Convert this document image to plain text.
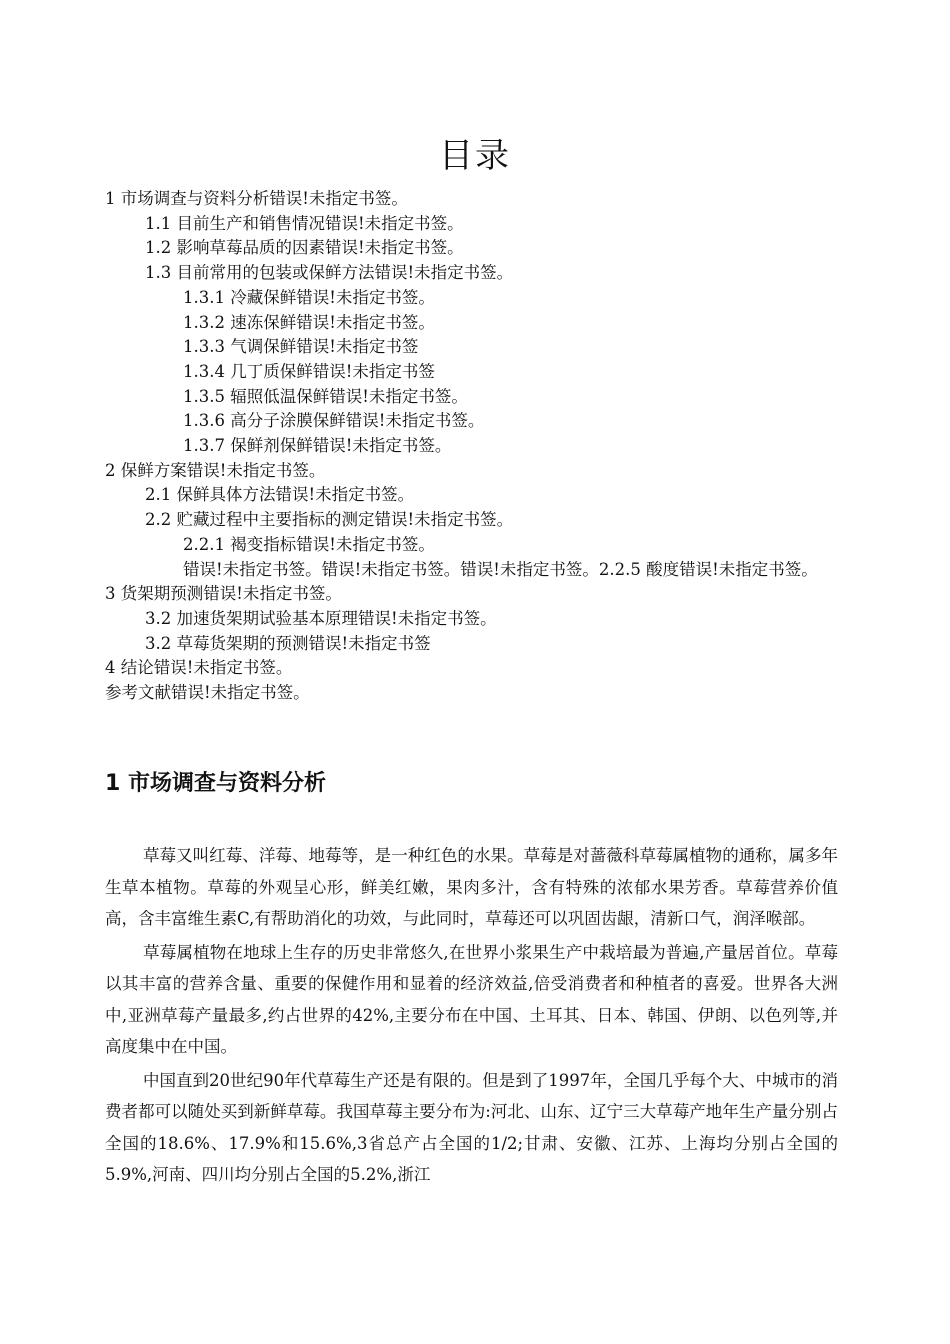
目录
1 市场调查与资料分析错误!未指定书签。
1.1 目前生产和销售情况错误!未指定书签。
1.2 影响草莓品质的因素错误!未指定书签。
1.3 目前常用的包装或保鲜方法错误!未指定书签。
1.3.1 冷藏保鲜错误!未指定书签。
1.3.2 速冻保鲜错误!未指定书签。
1.3.3 气调保鲜错误!未指定书签
1.3.4 几丁质保鲜错误!未指定书签
1.3.5 辐照低温保鲜错误!未指定书签。
1.3.6 高分子涂膜保鲜错误!未指定书签。
1.3.7 保鲜剂保鲜错误!未指定书签。
2 保鲜方案错误!未指定书签。
2.1 保鲜具体方法错误!未指定书签。
2.2 贮藏过程中主要指标的测定错误!未指定书签。
2.2.1 褐变指标错误!未指定书签。
错误!未指定书签。错误!未指定书签。错误!未指定书签。2.2.5 酸度错误!未指定书签。
3 货架期预测错误!未指定书签。
3.2 加速货架期试验基本原理错误!未指定书签。
3.2 草莓货架期的预测错误!未指定书签
4 结论错误!未指定书签。
参考文献错误!未指定书签。
1 市场调查与资料分析

草莓又叫红莓、洋莓、地莓等，是一种红色的水果。草莓是对蔷薇科草莓属植物的通称，属多年生草本植物。草莓的外观呈心形，鲜美红嫩，果肉多汁，含有特殊的浓郁水果芳香。草莓营养价值高，含丰富维生素C,有帮助消化的功效，与此同时，草莓还可以巩固齿龈，清新口气，润泽喉部。

草莓属植物在地球上生存的历史非常悠久,在世界小浆果生产中栽培最为普遍,产量居首位。草莓以其丰富的营养含量、重要的保健作用和显着的经济效益,倍受消费者和种植者的喜爱。世界各大洲中,亚洲草莓产量最多,约占世界的42%,主要分布在中国、土耳其、日本、韩国、伊朗、以色列等,并高度集中在中国。

中国直到20世纪90年代草莓生产还是有限的。但是到了1997年，全国几乎每个大、中城市的消费者都可以随处买到新鲜草莓。我国草莓主要分布为:河北、山东、辽宁三大草莓产地年生产量分别占全国的18.6%、17.9%和15.6%,3省总产占全国的1/2;甘肃、安徽、江苏、上海均分别占全国的5.9%,河南、四川均分别占全国的5.2%,浙江
